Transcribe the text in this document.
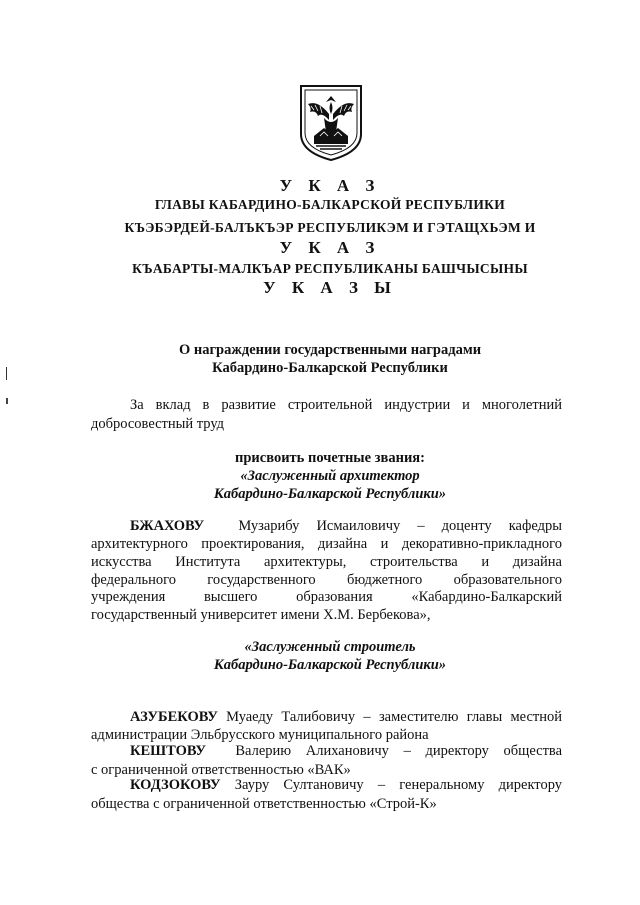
У К А З
ГЛАВЫ КАБАРДИНО-БАЛКАРСКОЙ РЕСПУБЛИКИ
КЪЭБЭРДЕЙ-БАЛЪКЪЭР РЕСПУБЛИКЭМ И ГЭТАЩХЬЭМ И
У К А З
КЪАБАРТЫ-МАЛКЪАР РЕСПУБЛИКАНЫ БАШЧЫСЫНЫ
У К А З Ы
О награждении государственными наградами
Кабардино-Балкарской Республики
За вклад в развитие строительной индустрии и многолетний
добросовестный труд
присвоить почетные звания:
«Заслуженный архитектор
Кабардино-Балкарской Республики»
БЖАХОВУ Музарибу Исмаиловичу – доценту кафедры
архитектурного проектирования, дизайна и декоративно-прикладного
искусства Института архитектуры, строительства и дизайна
федерального государственного бюджетного образовательного
учреждения высшего образования «Кабардино-Балкарский
государственный университет имени Х.М. Бербекова»,
«Заслуженный строитель
Кабардино-Балкарской Республики»
АЗУБЕКОВУ Муаеду Талибовичу – заместителю главы местной
администрации Эльбрусского муниципального района
КЕШТОВУ Валерию Алихановичу – директору общества
с ограниченной ответственностью «ВАК»
КОДЗОКОВУ Зауру Султановичу – генеральному директору
общества с ограниченной ответственностью «Строй-К»
